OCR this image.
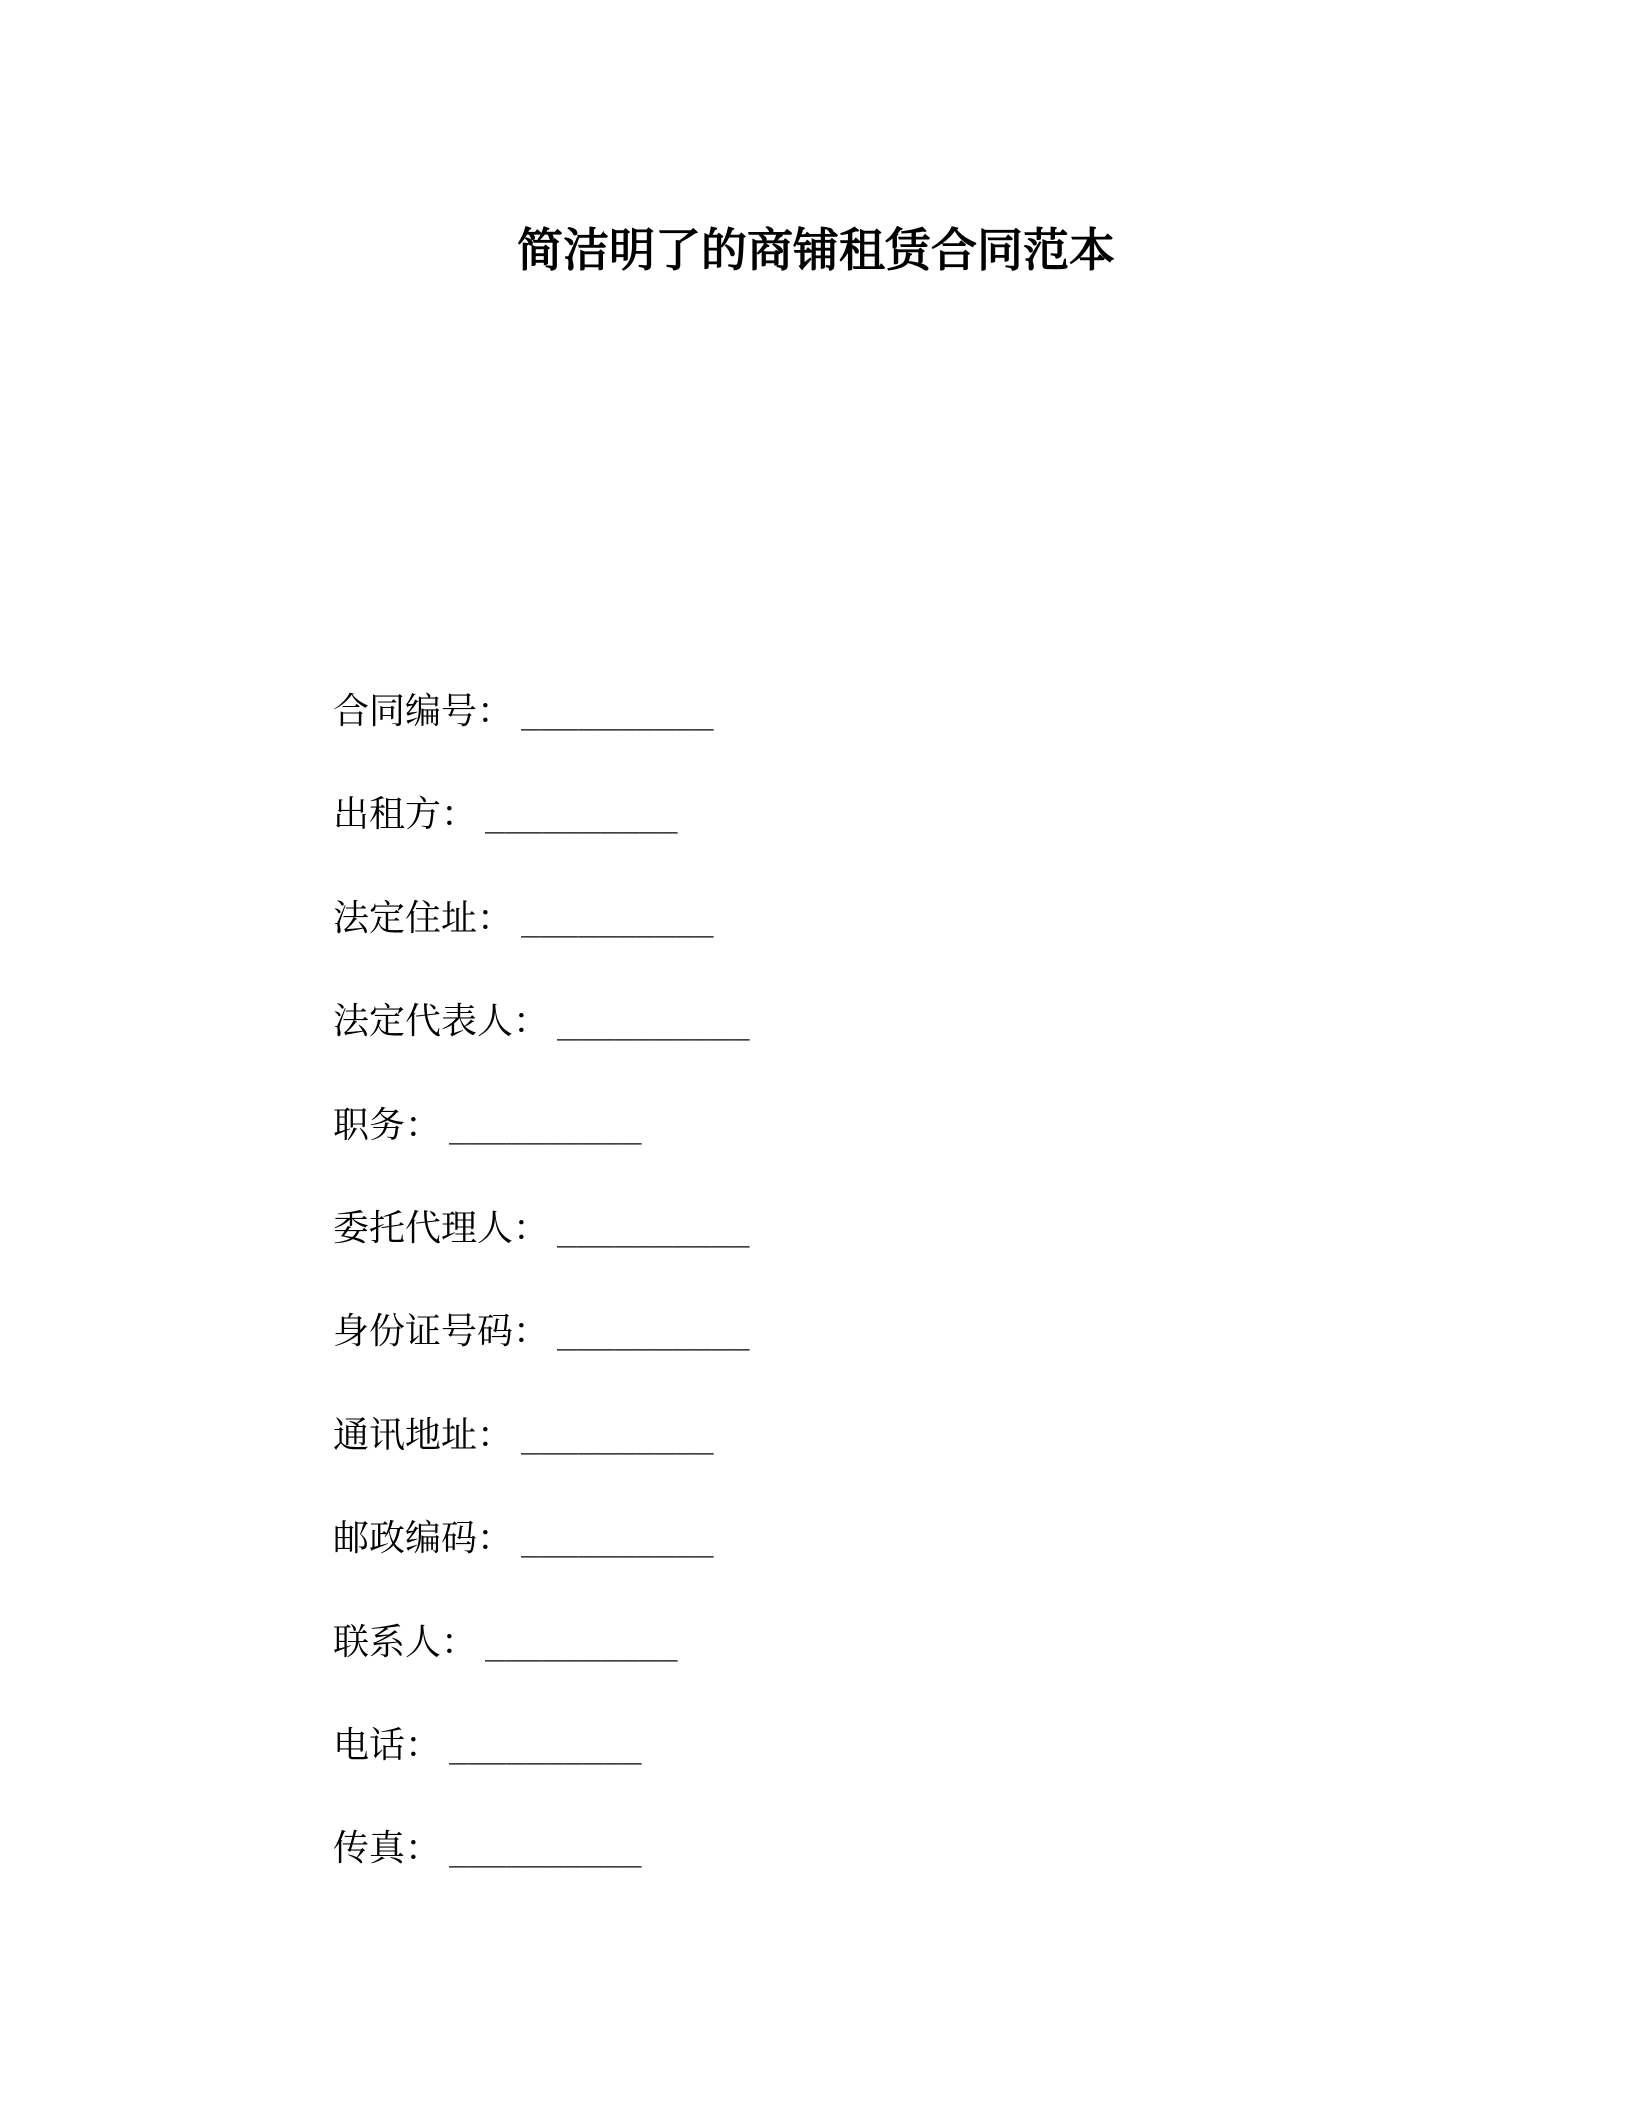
简洁明了的商铺租赁合同范本
合同编号： __________
出租方： __________
法定住址： __________
法定代表人： __________
职务： __________
委托代理人： __________
身份证号码： __________
通讯地址： __________
邮政编码： __________
联系人： __________
电话： __________
传真： __________
